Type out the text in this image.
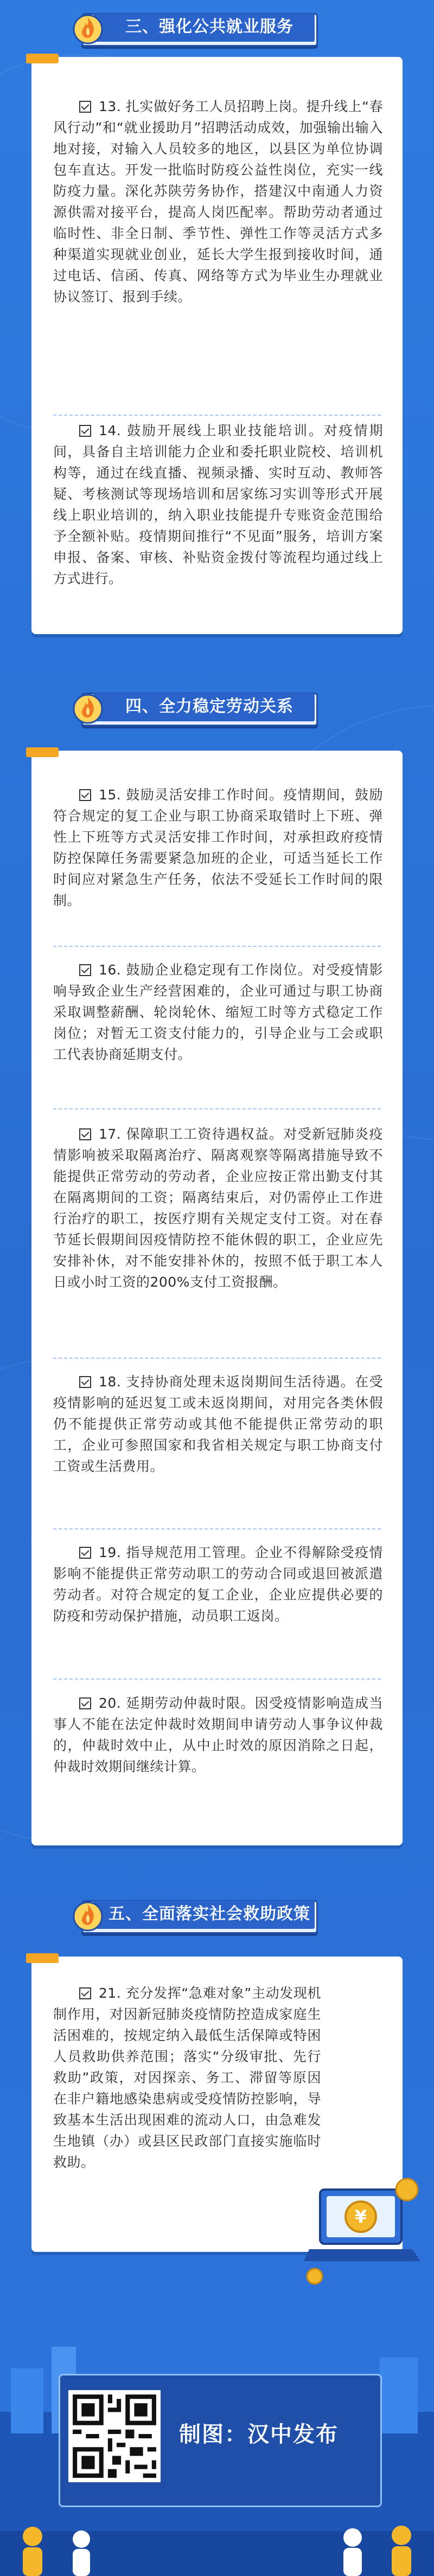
三、强化公共就业服务
13. 扎实做好务工人员招聘上岗。提升线上“春风行动”和“就业援助月”招聘活动成效，加强输出输入地对接，对输入人员较多的地区，以县区为单位协调包车直达。开发一批临时防疫公益性岗位，充实一线防疫力量。深化苏陕劳务协作，搭建汉中南通人力资源供需对接平台，提高人岗匹配率。帮助劳动者通过临时性、非全日制、季节性、弹性工作等灵活方式多种渠道实现就业创业，延长大学生报到接收时间，通过电话、信函、传真、网络等方式为毕业生办理就业协议签订、报到手续。
14. 鼓励开展线上职业技能培训。对疫情期间，具备自主培训能力企业和委托职业院校、培训机构等，通过在线直播、视频录播、实时互动、教师答疑、考核测试等现场培训和居家练习实训等形式开展线上职业培训的，纳入职业技能提升专账资金范围给予全额补贴。疫情期间推行“不见面”服务，培训方案申报、备案、审核、补贴资金拨付等流程均通过线上方式进行。
四、全力稳定劳动关系
15. 鼓励灵活安排工作时间。疫情期间，鼓励符合规定的复工企业与职工协商采取错时上下班、弹性上下班等方式灵活安排工作时间，对承担政府疫情防控保障任务需要紧急加班的企业，可适当延长工作时间应对紧急生产任务，依法不受延长工作时间的限制。
16. 鼓励企业稳定现有工作岗位。对受疫情影响导致企业生产经营困难的，企业可通过与职工协商采取调整薪酬、轮岗轮休、缩短工时等方式稳定工作岗位；对暂无工资支付能力的，引导企业与工会或职工代表协商延期支付。
17. 保障职工工资待遇权益。对受新冠肺炎疫情影响被采取隔离治疗、隔离观察等隔离措施导致不能提供正常劳动的劳动者，企业应按正常出勤支付其在隔离期间的工资；隔离结束后，对仍需停止工作进行治疗的职工，按医疗期有关规定支付工资。对在春节延长假期间因疫情防控不能休假的职工，企业应先安排补休，对不能安排补休的，按照不低于职工本人日或小时工资的200%支付工资报酬。
18. 支持协商处理未返岗期间生活待遇。在受疫情影响的延迟复工或未返岗期间，对用完各类休假仍不能提供正常劳动或其他不能提供正常劳动的职工，企业可参照国家和我省相关规定与职工协商支付工资或生活费用。
19. 指导规范用工管理。企业不得解除受疫情影响不能提供正常劳动职工的劳动合同或退回被派遣劳动者。对符合规定的复工企业，企业应提供必要的防疫和劳动保护措施，动员职工返岗。
20. 延期劳动仲裁时限。因受疫情影响造成当事人不能在法定仲裁时效期间申请劳动人事争议仲裁的，仲裁时效中止，从中止时效的原因消除之日起，仲裁时效期间继续计算。
五、全面落实社会救助政策
21. 充分发挥“急难对象”主动发现机制作用，对因新冠肺炎疫情防控造成家庭生活困难的，按规定纳入最低生活保障或特困人员救助供养范围；落实“分级审批、先行救助”政策，对因探亲、务工、滞留等原因在非户籍地感染患病或受疫情防控影响，导致基本生活出现困难的流动人口，由急难发生地镇（办）或县区民政部门直接实施临时救助。
¥
制图：汉中发布
